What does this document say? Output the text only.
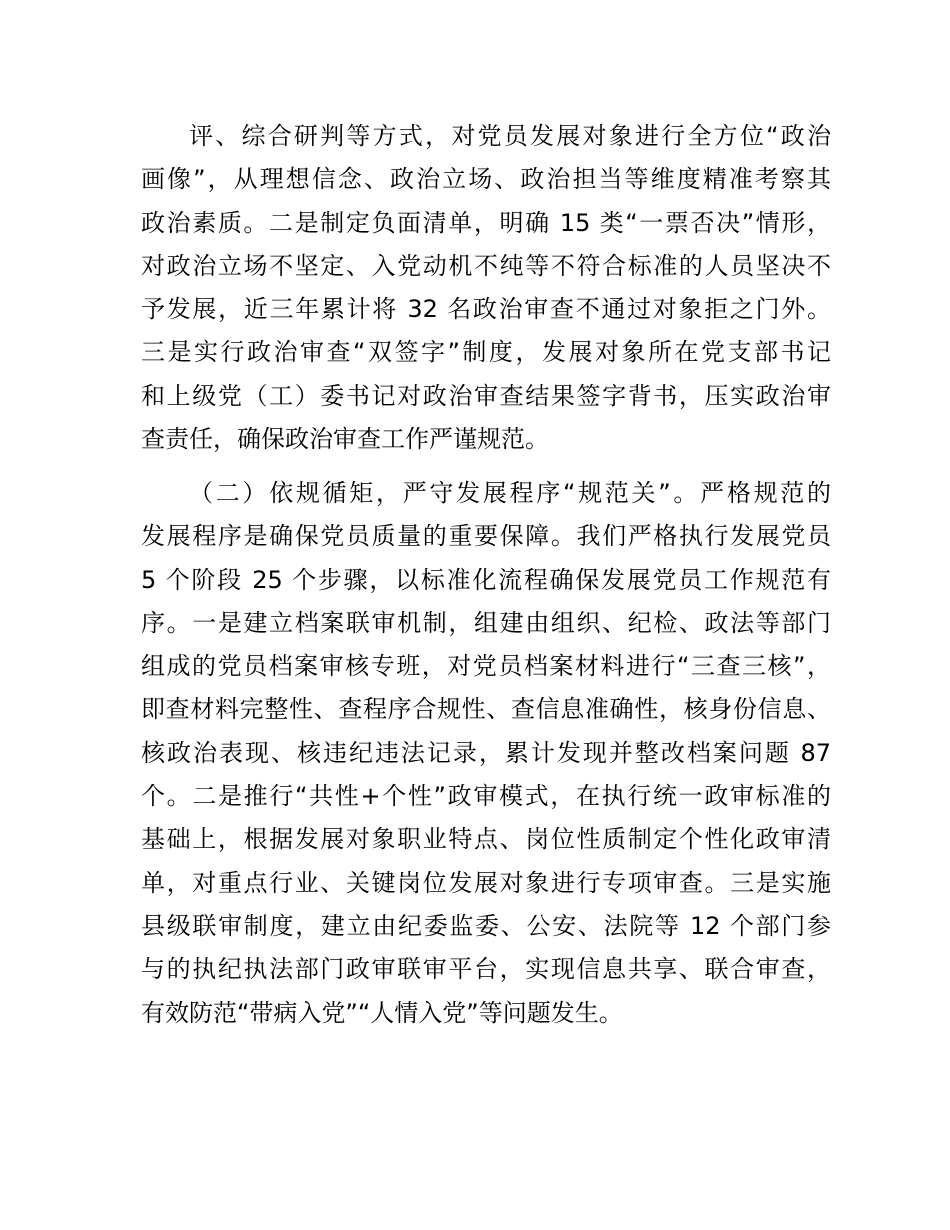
评、综合研判等方式，对党员发展对象进行全方位“政治
画像”，从理想信念、政治立场、政治担当等维度精准考察其
政治素质。二是制定负面清单，明确 15 类“一票否决”情形，
对政治立场不坚定、入党动机不纯等不符合标准的人员坚决不
予发展，近三年累计将 32 名政治审查不通过对象拒之门外。
三是实行政治审查“双签字”制度，发展对象所在党支部书记
和上级党（工）委书记对政治审查结果签字背书，压实政治审
查责任，确保政治审查工作严谨规范。
（二）依规循矩，严守发展程序“规范关”。严格规范的
发展程序是确保党员质量的重要保障。我们严格执行发展党员
5 个阶段 25 个步骤，以标准化流程确保发展党员工作规范有
序。一是建立档案联审机制，组建由组织、纪检、政法等部门
组成的党员档案审核专班，对党员档案材料进行“三查三核”，
即查材料完整性、查程序合规性、查信息准确性，核身份信息、
核政治表现、核违纪违法记录，累计发现并整改档案问题 87
个。二是推行“共性+个性”政审模式，在执行统一政审标准的
基础上，根据发展对象职业特点、岗位性质制定个性化政审清
单，对重点行业、关键岗位发展对象进行专项审查。三是实施
县级联审制度，建立由纪委监委、公安、法院等 12 个部门参
与的执纪执法部门政审联审平台，实现信息共享、联合审查，
有效防范“带病入党”“人情入党”等问题发生。
